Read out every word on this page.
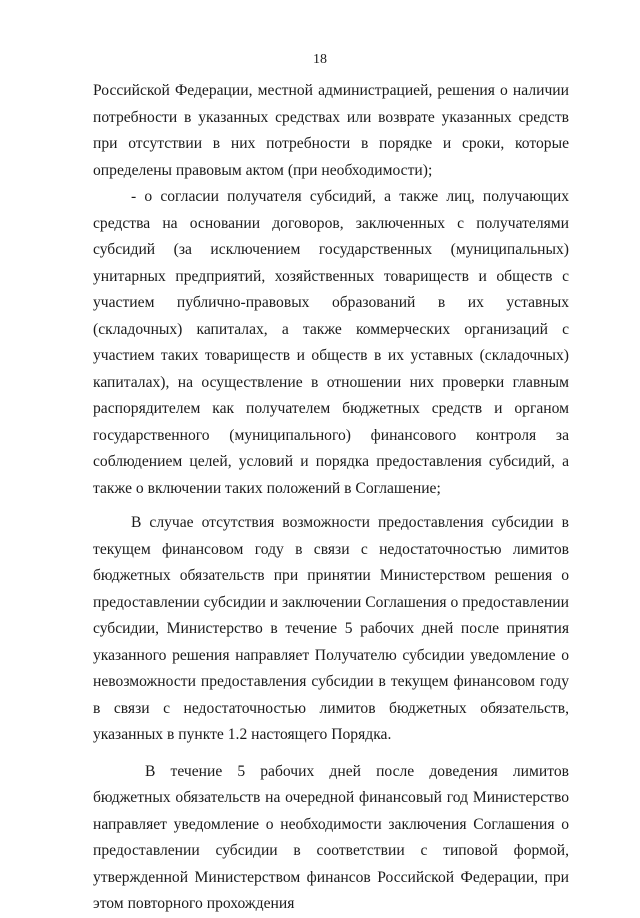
18

Российской Федерации, местной администрацией, решения о наличии потребности в указанных средствах или возврате указанных средств при отсутствии в них потребности в порядке и сроки, которые определены правовым актом (при необходимости);

- о согласии получателя субсидий, а также лиц, получающих средства на основании договоров, заключенных с получателями субсидий (за исключением государственных (муниципальных) унитарных предприятий, хозяйственных товариществ и обществ с участием публично-правовых образований в их уставных (складочных) капиталах, а также коммерческих организаций с участием таких товариществ и обществ в их уставных (складочных) капиталах), на осуществление в отношении них проверки главным распорядителем как получателем бюджетных средств и органом государственного (муниципального) финансового контроля за соблюдением целей, условий и порядка предоставления субсидий, а также о включении таких положений в Соглашение;

В случае отсутствия возможности предоставления субсидии в текущем финансовом году в связи с недостаточностью лимитов бюджетных обязательств при принятии Министерством решения о предоставлении субсидии и заключении Соглашения о предоставлении субсидии, Министерство в течение 5 рабочих дней после принятия указанного решения направляет Получателю субсидии уведомление о невозможности предоставления субсидии в текущем финансовом году в связи с недостаточностью лимитов бюджетных обязательств, указанных в пункте 1.2 настоящего Порядка.

В течение 5 рабочих дней после доведения лимитов бюджетных обязательств на очередной финансовый год Министерство направляет уведомление о необходимости заключения Соглашения о предоставлении субсидии в соответствии с типовой формой, утвержденной Министерством финансов Российской Федерации, при этом повторного прохождения
